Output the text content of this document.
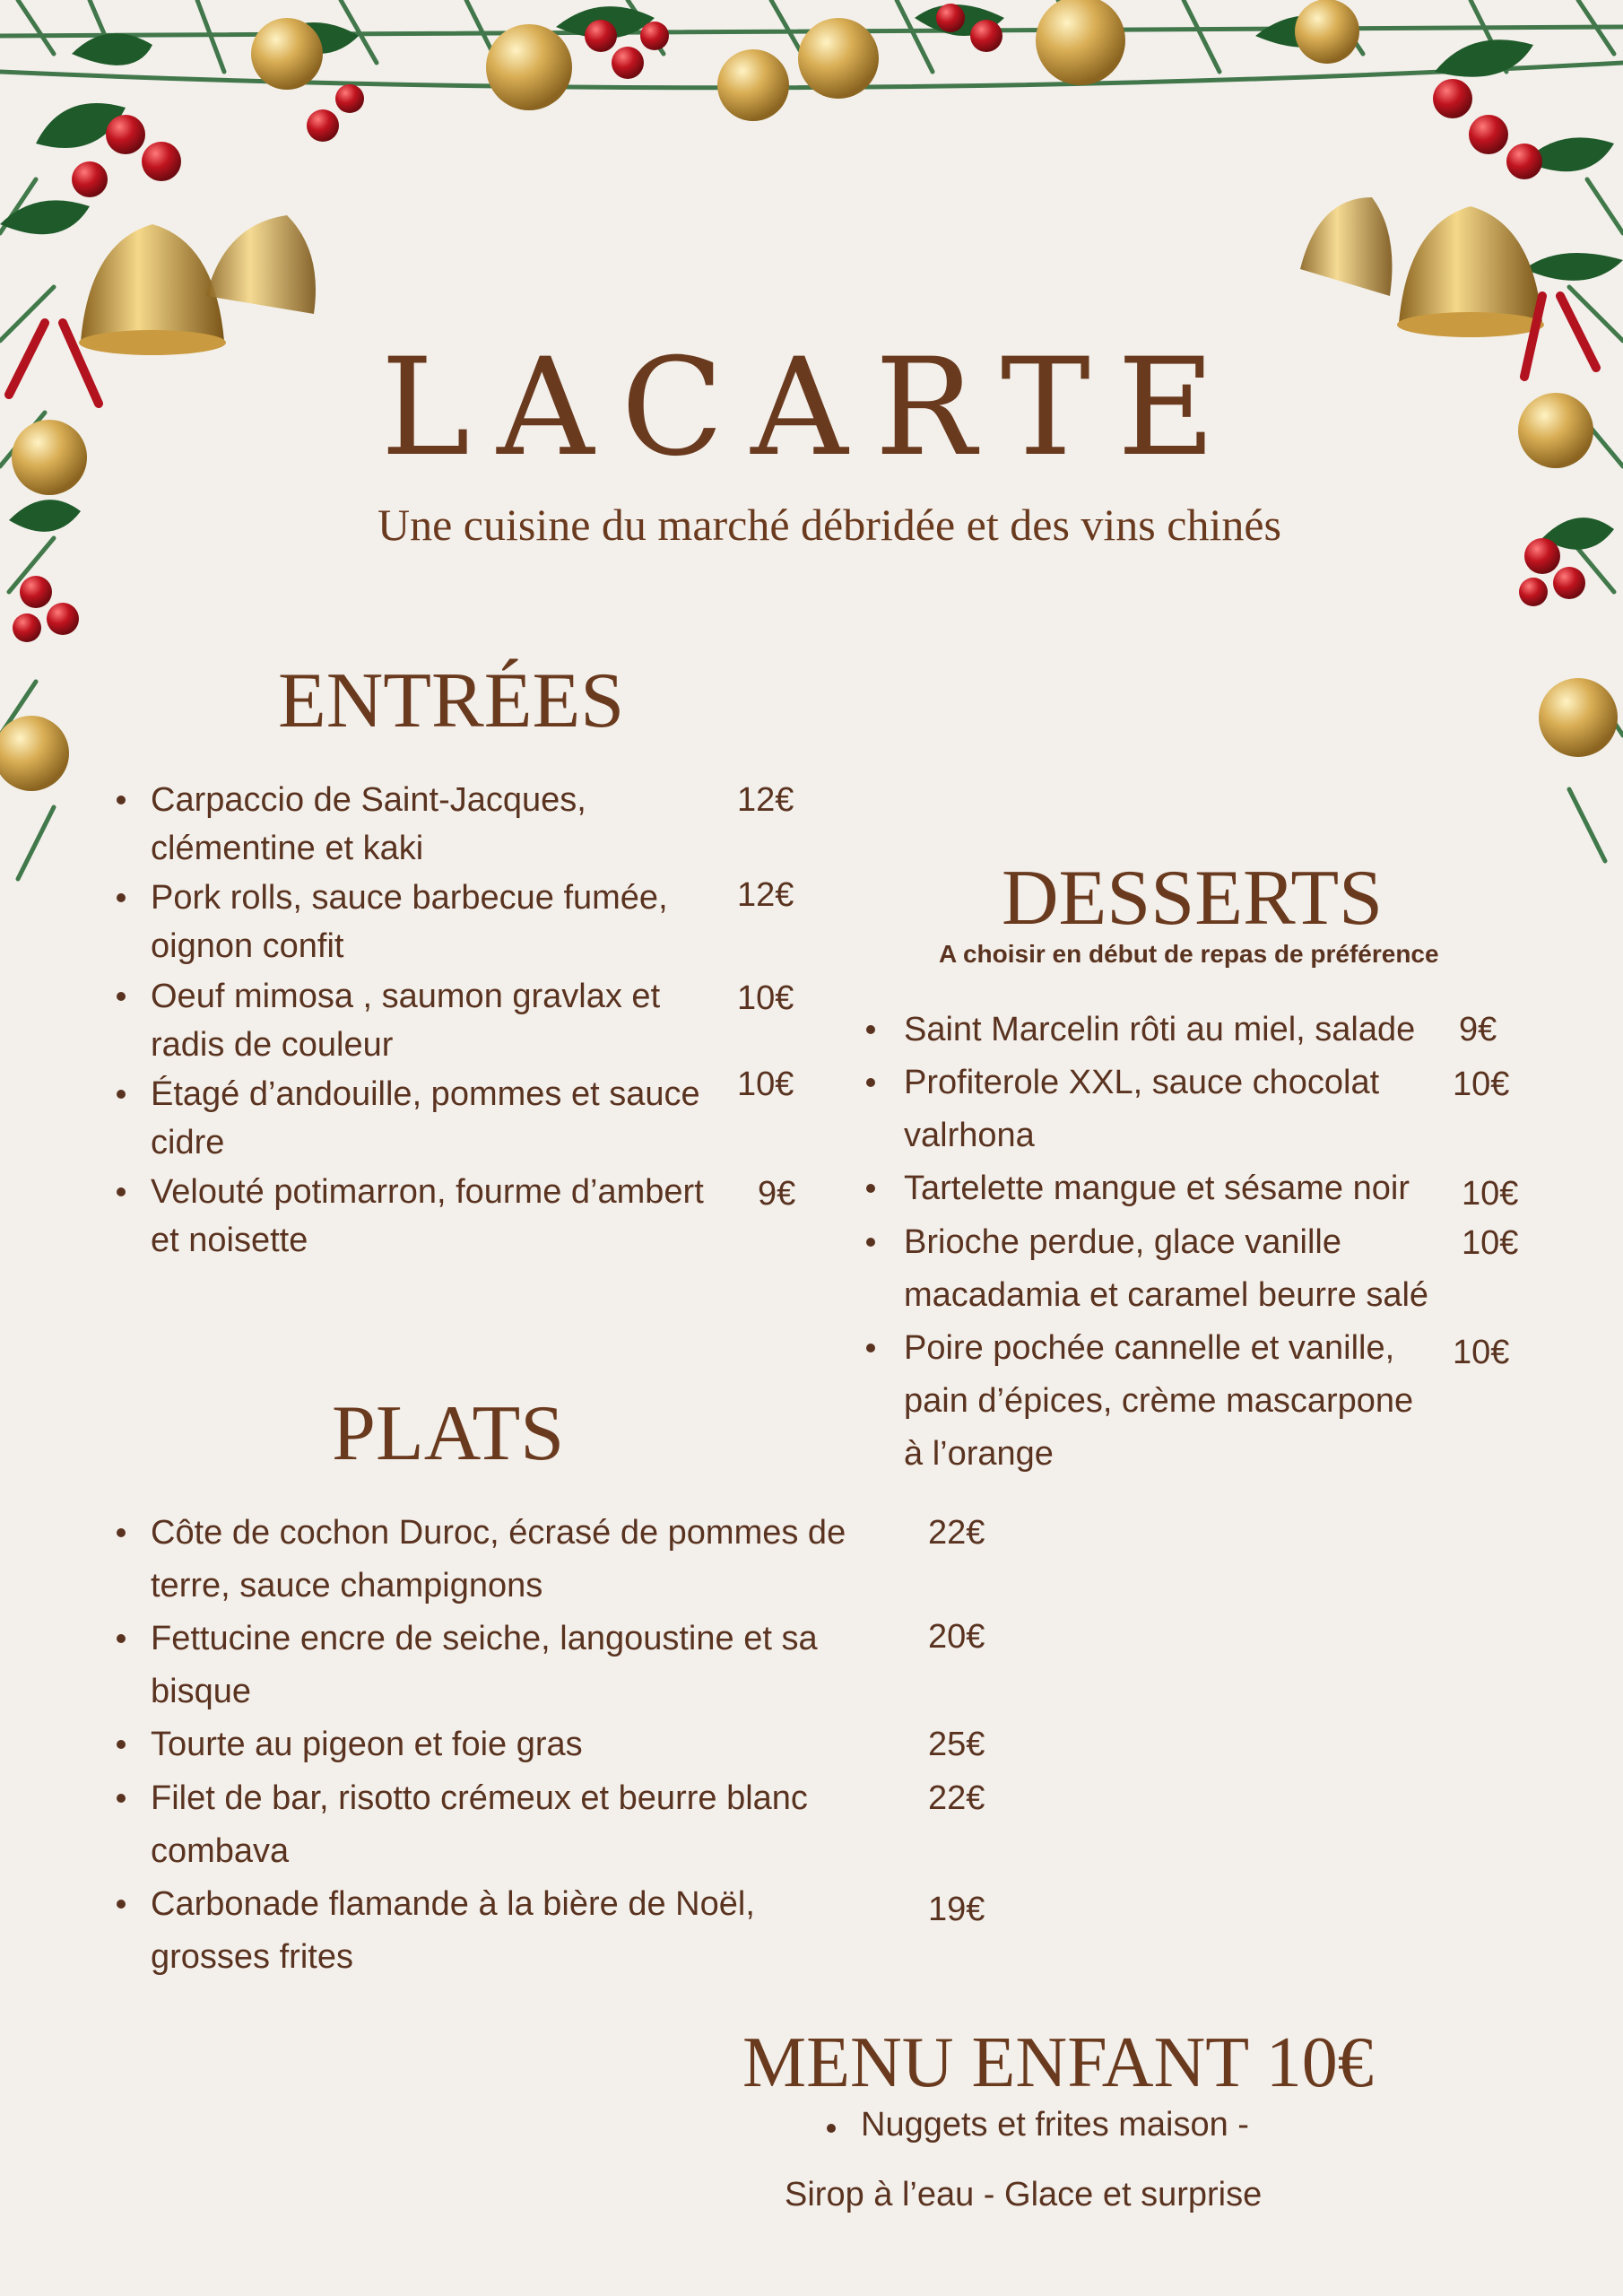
LACARTE
Une cuisine du marché débridée et des vins chinés
ENTRÉES
Carpaccio de Saint-Jacques,
clémentine et kaki
12€
Pork rolls, sauce barbecue fumée,
oignon confit
12€
Oeuf mimosa , saumon gravlax et
radis de couleur
10€
Étagé d’andouille, pommes et sauce
cidre
10€
Velouté potimarron, fourme d’ambert
et noisette
9€
DESSERTS
A choisir en début de repas de préférence
Saint Marcelin rôti au miel, salade 9€
Profiterole XXL, sauce chocolat
valrhona
10€
Tartelette mangue et sésame noir 10€
Brioche perdue, glace vanille
macadamia et caramel beurre salé
10€
Poire pochée cannelle et vanille,
pain d’épices, crème mascarpone
à l’orange
10€
PLATS
Côte de cochon Duroc, écrasé de pommes de
terre, sauce champignons
22€
Fettucine encre de seiche, langoustine et sa
bisque
20€
Tourte au pigeon et foie gras	25€
Filet de bar, risotto crémeux et beurre blanc
combava
22€
Carbonade flamande à la bière de Noël,
grosses frites
19€
MENU ENFANT 10€
Nuggets et frites maison -
Sirop à l’eau - Glace et surprise
